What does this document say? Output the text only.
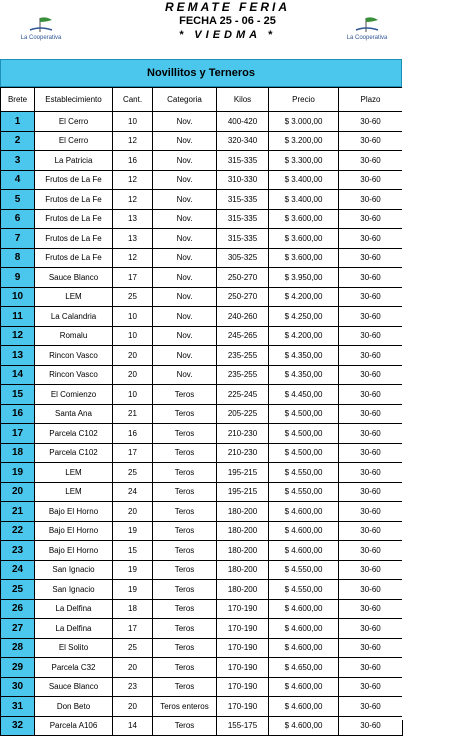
La Cooperativa
REMATE FERIA
FECHA 25 - 06 - 25
* VIEDMA *	La Cooperativa
Novillitos y Terneros
Brete	Establecimiento	Cant.	Categoria	Kilos	Precio	Plazo
1	El Cerro	10	Nov.	400-420	$ 3.000,00	30-60
2	El Cerro	12	Nov.	320-340	$ 3.200,00	30-60
3	La Patricia	16	Nov.	315-335	$ 3.300,00	30-60
4	Frutos de La Fe	12	Nov.	310-330	$ 3.400,00	30-60
5	Frutos de La Fe	12	Nov.	315-335	$ 3.400,00	30-60
6	Frutos de La Fe	13	Nov.	315-335	$ 3.600,00	30-60
7	Frutos de La Fe	13	Nov.	315-335	$ 3.600,00	30-60
8	Frutos de La Fe	12	Nov.	305-325	$ 3.600,00	30-60
9	Sauce Blanco	17	Nov.	250-270	$ 3.950,00	30-60
10	LEM	25	Nov.	250-270	$ 4.200,00	30-60
11	La Calandria	10	Nov.	240-260	$ 4.250,00	30-60
12	Romalu	10	Nov.	245-265	$ 4.200,00	30-60
13	Rincon Vasco	20	Nov.	235-255	$ 4.350,00	30-60
14	Rincon Vasco	20	Nov.	235-255	$ 4.350,00	30-60
15	El Comienzo	10	Teros	225-245	$ 4.450,00	30-60
16	Santa Ana	21	Teros	205-225	$ 4.500,00	30-60
17	Parcela C102	16	Teros	210-230	$ 4.500,00	30-60
18	Parcela C102	17	Teros	210-230	$ 4.500,00	30-60
19	LEM	25	Teros	195-215	$ 4.550,00	30-60
20	LEM	24	Teros	195-215	$ 4.550,00	30-60
21	Bajo El Horno	20	Teros	180-200	$ 4.600,00	30-60
22	Bajo El Horno	19	Teros	180-200	$ 4.600,00	30-60
23	Bajo El Horno	15	Teros	180-200	$ 4.600,00	30-60
24	San Ignacio	19	Teros	180-200	$ 4.550,00	30-60
25	San Ignacio	19	Teros	180-200	$ 4.550,00	30-60
26	La Delfina	18	Teros	170-190	$ 4.600,00	30-60
27	La Delfina	17	Teros	170-190	$ 4.600,00	30-60
28	El Solito	25	Teros	170-190	$ 4.600,00	30-60
29	Parcela C32	20	Teros	170-190	$ 4.650,00	30-60
30	Sauce Blanco	23	Teros	170-190	$ 4.600,00	30-60
31	Don Beto	20	Teros enteros	170-190	$ 4.600,00	30-60
32	Parcela A106	14	Teros	155-175	$ 4.600,00	30-60
